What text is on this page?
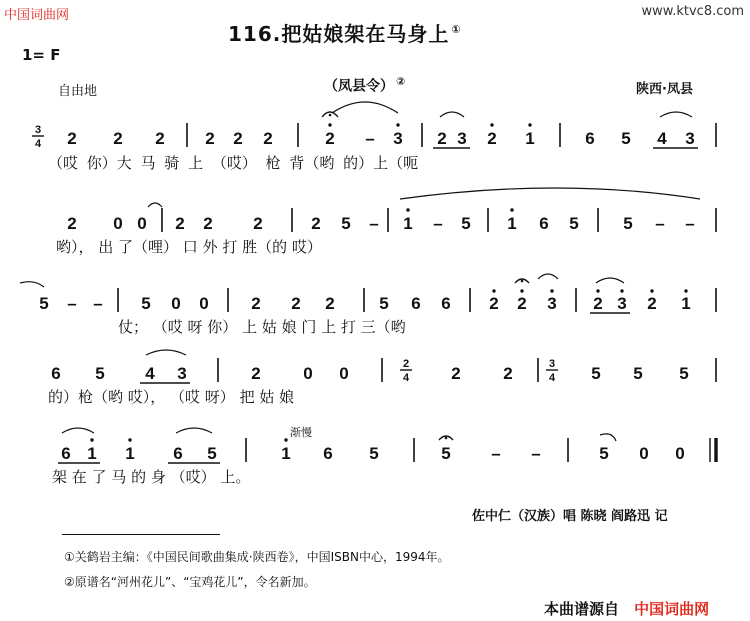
中国词曲网	www.ktvc8.com
116.把姑娘架在马身上 ①
1= F
自由地	（凤县令） ②
陕西·凤县
3
4 2 2 2 2 2 2	2 – 3 2 3 2 1	6 5 4 3
2 0 0 2 2 2	2 5 – 1 – 5 1 6 5	5 – –
5 – – 5 0 0	2 2 2	5 6 6 2 2 3 2 3 2 1
6 5 4 3	2	0 0	2
4 2	2	3
4 5 5 5
6 1 1 6 5	1 6 5	5 – –	5 0 0
（哎 你）大 马 骑 上 （哎） 枪 背（哟 的）上（呃
哟）， 出 了（哩） 口 外 打 胜（的 哎）
仗； （哎 呀 你） 上 姑 娘 门 上 打 三（哟
的）枪（哟 哎）， （哎 呀） 把 姑 娘
架 在 了 马 的 身 （哎） 上。
渐慢
佐中仁（汉族）唱 陈晓 阎路迅 记
①关鹤岩主编：《中国民间歌曲集成·陕西卷》，中国ISBN中心，1994年。
②原谱名“河州花儿”、“宝鸡花儿”，令名新加。
本曲谱源自 中国词曲网
